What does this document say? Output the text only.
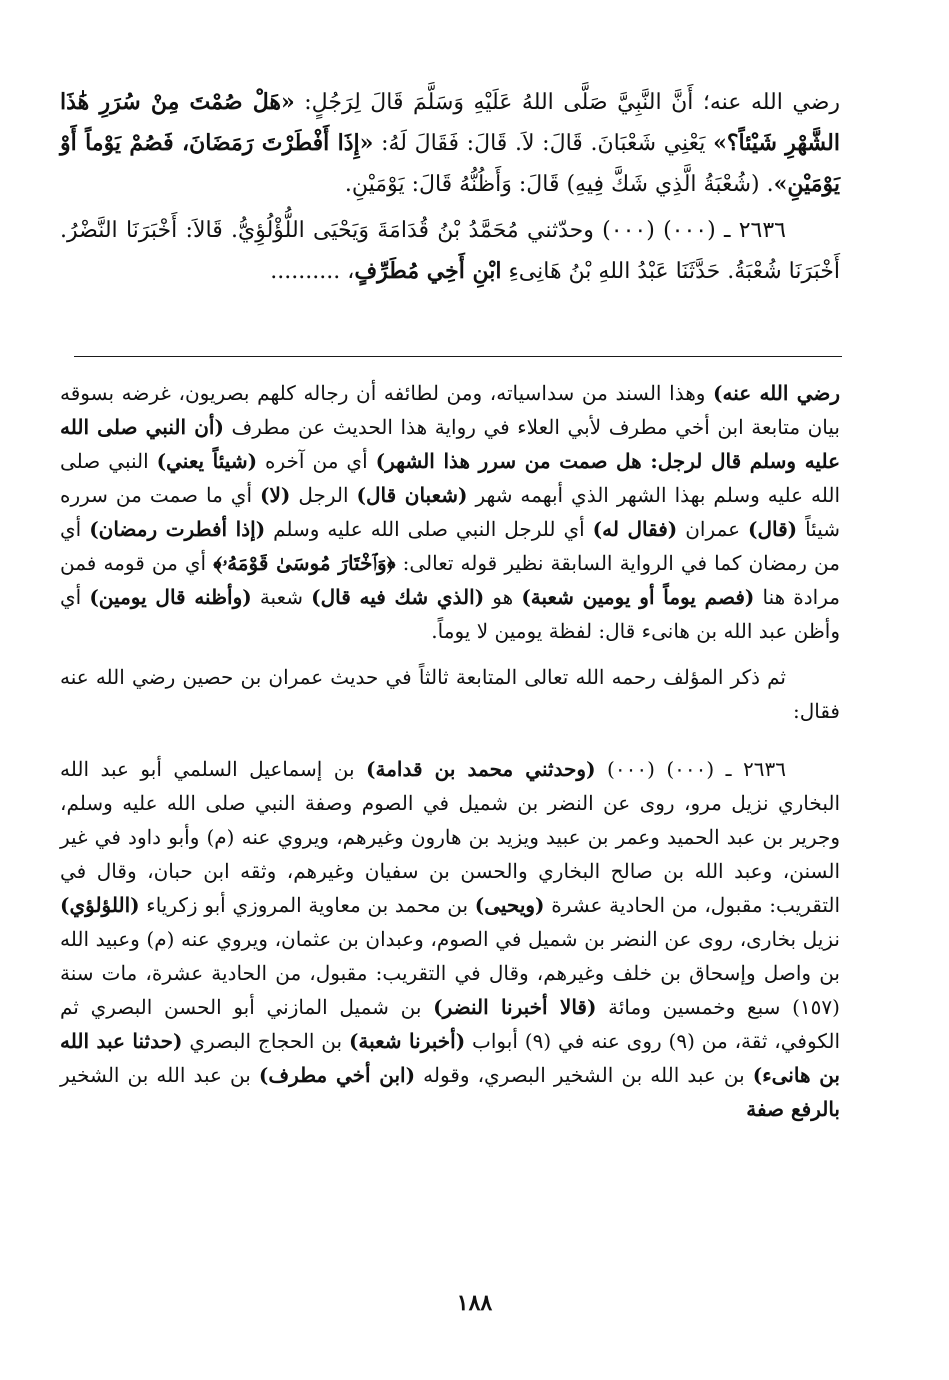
رضي الله عنه؛ أَنَّ النَّبِيَّ صَلَّى اللهُ عَلَيْهِ وَسَلَّمَ قَالَ لِرَجُلٍ: «هَلْ صُمْتَ مِنْ سُرَرِ هَٰذَا الشَّهْرِ شَيْئاً؟» يَعْنِي شَعْبَانَ. قَالَ: لاَ. قَالَ: فَقَالَ لَهُ: «إِذَا أَفْطَرْتَ رَمَضَانَ، فَصُمْ يَوْماً أَوْ يَوْمَيْنِ». (شُعْبَةُ الَّذِي شَكَّ فِيهِ) قَالَ: وَأَظُنُّهُ قَالَ: يَوْمَيْنِ.

٢٦٣٦ ـ (٠٠٠) (٠٠٠) وحدّثني مُحَمَّدُ بْنُ قُدَامَةَ وَيَحْيَى اللُّؤْلُؤِيُّ. قَالاَ: أَخْبَرَنَا النَّضْرُ. أَخْبَرَنَا شُعْبَةُ. حَدَّثَنَا عَبْدُ اللهِ بْنُ هَانِىءِ ابْنِ أَخِي مُطَرِّفٍ، ..........

رضي الله عنه) وهذا السند من سداسياته، ومن لطائفه أن رجاله كلهم بصريون، غرضه بسوقه بيان متابعة ابن أخي مطرف لأبي العلاء في رواية هذا الحديث عن مطرف (أن النبي صلى الله عليه وسلم قال لرجل: هل صمت من سرر هذا الشهر) أي من آخره (شيئاً يعني) النبي صلى الله عليه وسلم بهذا الشهر الذي أبهمه شهر (شعبان قال) الرجل (لا) أي ما صمت من سرره شيئاً (قال) عمران (فقال له) أي للرجل النبي صلى الله عليه وسلم (إذا أفطرت رمضان) أي من رمضان كما في الرواية السابقة نظير قوله تعالى: ﴿وَٱخْتَارَ مُوسَىٰ قَوْمَهُۥ﴾ أي من قومه فمن مرادة هنا (فصم يوماً أو يومين شعبة) هو (الذي شك فيه قال) شعبة (وأظنه قال يومين) أي وأظن عبد الله بن هانىء قال: لفظة يومين لا يوماً.

ثم ذكر المؤلف رحمه الله تعالى المتابعة ثالثاً في حديث عمران بن حصين رضي الله عنه فقال:

٢٦٣٦ ـ (٠٠٠) (٠٠٠) (وحدثني محمد بن قدامة) بن إسماعيل السلمي أبو عبد الله البخاري نزيل مرو، روى عن النضر بن شميل في الصوم وصفة النبي صلى الله عليه وسلم، وجرير بن عبد الحميد وعمر بن عبيد ويزيد بن هارون وغيرهم، ويروي عنه (م) وأبو داود في غير السنن، وعبد الله بن صالح البخاري والحسن بن سفيان وغيرهم، وثقه ابن حبان، وقال في التقريب: مقبول، من الحادية عشرة (ويحيى) بن محمد بن معاوية المروزي أبو زكرياء (اللؤلؤي) نزيل بخارى، روى عن النضر بن شميل في الصوم، وعبدان بن عثمان، ويروي عنه (م) وعبيد الله بن واصل وإسحاق بن خلف وغيرهم، وقال في التقريب: مقبول، من الحادية عشرة، مات سنة (١٥٧) سبع وخمسين ومائة (قالا أخبرنا النضر) بن شميل المازني أبو الحسن البصري ثم الكوفي، ثقة، من (٩) روى عنه في (٩) أبواب (أخبرنا شعبة) بن الحجاج البصري (حدثنا عبد الله بن هانىء) بن عبد الله بن الشخير البصري، وقوله (ابن أخي مطرف) بن عبد الله بن الشخير بالرفع صفة

١٨٨
